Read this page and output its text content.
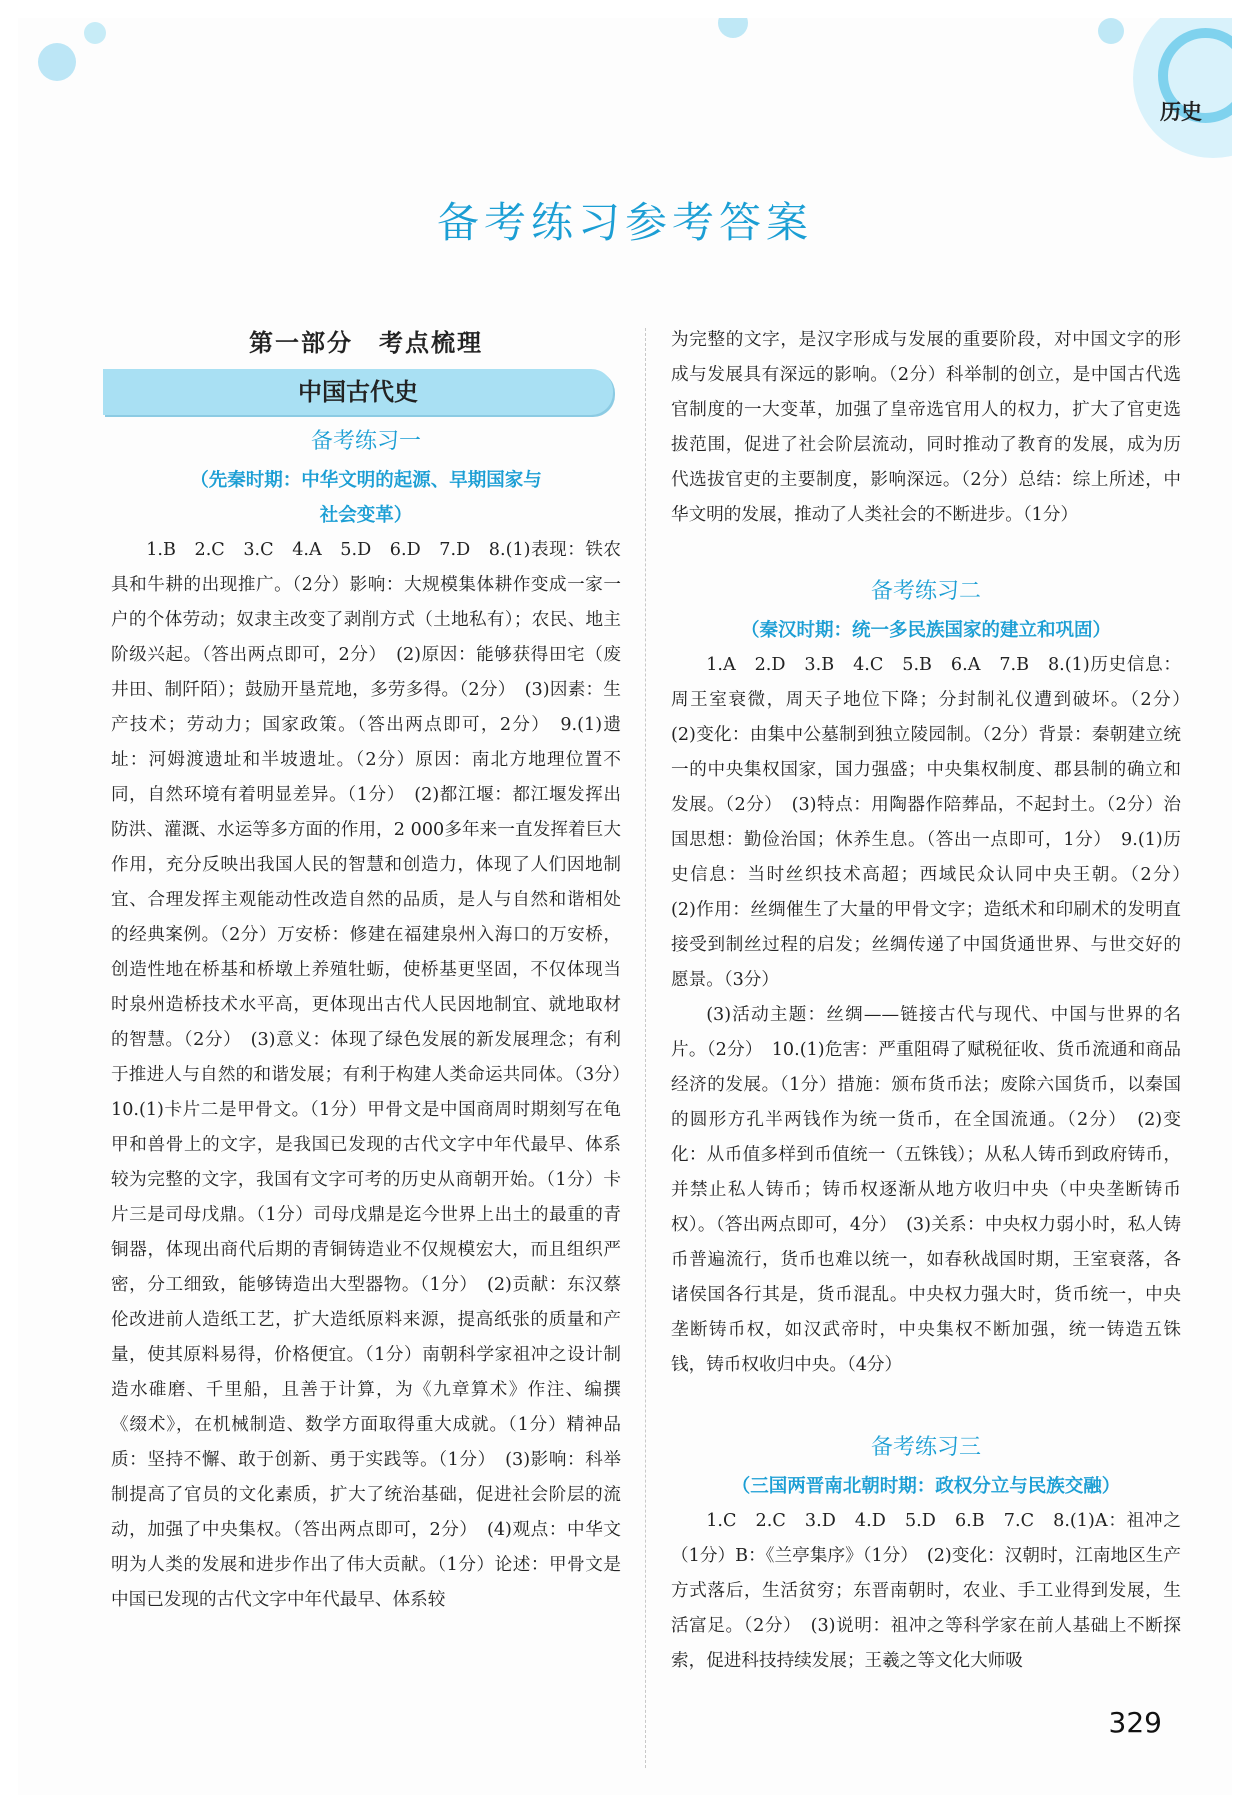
历史
备考练习参考答案
第一部分　考点梳理
中国古代史
备考练习一
（先秦时期：中华文明的起源、早期国家与
社会变革）
1.B　2.C　3.C　4.A　5.D　6.D　7.D　8.(1)表现：铁农具和牛耕的出现推广。（2分）影响：大规模集体耕作变成一家一户的个体劳动；奴隶主改变了剥削方式（土地私有）；农民、地主阶级兴起。（答出两点即可，2分）　(2)原因：能够获得田宅（废井田、制阡陌）；鼓励开垦荒地，多劳多得。（2分）　(3)因素：生产技术；劳动力；国家政策。（答出两点即可，2分）　9.(1)遗址：河姆渡遗址和半坡遗址。（2分）原因：南北方地理位置不同，自然环境有着明显差异。（1分）　(2)都江堰：都江堰发挥出防洪、灌溉、水运等多方面的作用，2 000多年来一直发挥着巨大作用，充分反映出我国人民的智慧和创造力，体现了人们因地制宜、合理发挥主观能动性改造自然的品质，是人与自然和谐相处的经典案例。（2分）万安桥：修建在福建泉州入海口的万安桥，创造性地在桥基和桥墩上养殖牡蛎，使桥基更坚固，不仅体现当时泉州造桥技术水平高，更体现出古代人民因地制宜、就地取材的智慧。（2分）　(3)意义：体现了绿色发展的新发展理念；有利于推进人与自然的和谐发展；有利于构建人类命运共同体。（3分）　10.(1)卡片二是甲骨文。（1分）甲骨文是中国商周时期刻写在龟甲和兽骨上的文字，是我国已发现的古代文字中年代最早、体系较为完整的文字，我国有文字可考的历史从商朝开始。（1分）卡片三是司母戊鼎。（1分）司母戊鼎是迄今世界上出土的最重的青铜器，体现出商代后期的青铜铸造业不仅规模宏大，而且组织严密，分工细致，能够铸造出大型器物。（1分）　(2)贡献：东汉蔡伦改进前人造纸工艺，扩大造纸原料来源，提高纸张的质量和产量，使其原料易得，价格便宜。（1分）南朝科学家祖冲之设计制造水碓磨、千里船，且善于计算，为《九章算术》作注、编撰《缀术》，在机械制造、数学方面取得重大成就。（1分）精神品质：坚持不懈、敢于创新、勇于实践等。（1分）　(3)影响：科举制提高了官员的文化素质，扩大了统治基础，促进社会阶层的流动，加强了中央集权。（答出两点即可，2分）　(4)观点：中华文明为人类的发展和进步作出了伟大贡献。（1分）论述：甲骨文是中国已发现的古代文字中年代最早、体系较
为完整的文字，是汉字形成与发展的重要阶段，对中国文字的形成与发展具有深远的影响。（2分）科举制的创立，是中国古代选官制度的一大变革，加强了皇帝选官用人的权力，扩大了官吏选拔范围，促进了社会阶层流动，同时推动了教育的发展，成为历代选拔官吏的主要制度，影响深远。（2分）总结：综上所述，中华文明的发展，推动了人类社会的不断进步。（1分）
备考练习二
（秦汉时期：统一多民族国家的建立和巩固）
1.A　2.D　3.B　4.C　5.B　6.A　7.B　8.(1)历史信息：周王室衰微，周天子地位下降；分封制礼仪遭到破坏。（2分）　(2)变化：由集中公墓制到独立陵园制。（2分）背景：秦朝建立统一的中央集权国家，国力强盛；中央集权制度、郡县制的确立和发展。（2分）　(3)特点：用陶器作陪葬品，不起封土。（2分）治国思想：勤俭治国；休养生息。（答出一点即可，1分）　9.(1)历史信息：当时丝织技术高超；西域民众认同中央王朝。（2分）　(2)作用：丝绸催生了大量的甲骨文字；造纸术和印刷术的发明直接受到制丝过程的启发；丝绸传递了中国货通世界、与世交好的愿景。（3分）
(3)活动主题：丝绸——链接古代与现代、中国与世界的名片。（2分）　10.(1)危害：严重阻碍了赋税征收、货币流通和商品经济的发展。（1分）措施：颁布货币法；废除六国货币，以秦国的圆形方孔半两钱作为统一货币，在全国流通。（2分）　(2)变化：从币值多样到币值统一（五铢钱）；从私人铸币到政府铸币，并禁止私人铸币；铸币权逐渐从地方收归中央（中央垄断铸币权）。（答出两点即可，4分）　(3)关系：中央权力弱小时，私人铸币普遍流行，货币也难以统一，如春秋战国时期，王室衰落，各诸侯国各行其是，货币混乱。中央权力强大时，货币统一，中央垄断铸币权，如汉武帝时，中央集权不断加强，统一铸造五铢钱，铸币权收归中央。（4分）
备考练习三
（三国两晋南北朝时期：政权分立与民族交融）
1.C　2.C　3.D　4.D　5.D　6.B　7.C　8.(1)A：祖冲之（1分）B：《兰亭集序》（1分）　(2)变化：汉朝时，江南地区生产方式落后，生活贫穷；东晋南朝时，农业、手工业得到发展，生活富足。（2分）　(3)说明：祖冲之等科学家在前人基础上不断探索，促进科技持续发展；王羲之等文化大师吸
329
